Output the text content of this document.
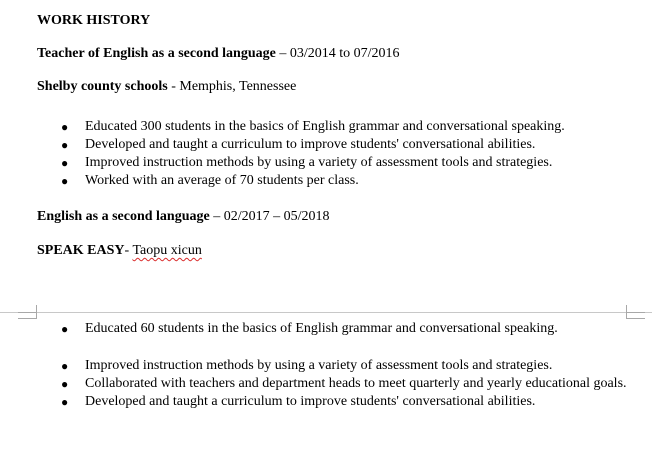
WORK HISTORY
Teacher of English as a second language – 03/2014 to 07/2016
Shelby county schools - Memphis, Tennessee
● Educated 300 students in the basics of English grammar and conversational speaking.
● Developed and taught a curriculum to improve students' conversational abilities.
● Improved instruction methods by using a variety of assessment tools and strategies.
● Worked with an average of 70 students per class.
English as a second language – 02/2017 – 05/2018
SPEAK EASY- Taopu xicun
● Educated 60 students in the basics of English grammar and conversational speaking.
● Improved instruction methods by using a variety of assessment tools and strategies.
● Collaborated with teachers and department heads to meet quarterly and yearly educational goals.
● Developed and taught a curriculum to improve students' conversational abilities.
